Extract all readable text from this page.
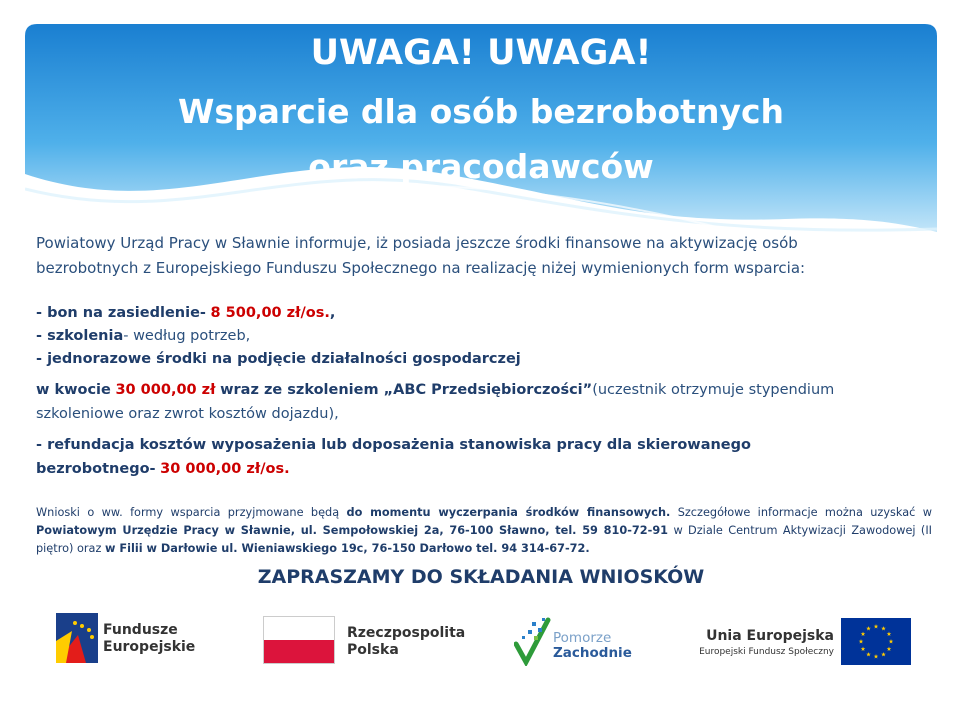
UWAGA! UWAGA!
Wsparcie dla osób bezrobotnych
oraz pracodawców

Powiatowy Urząd Pracy w Sławnie informuje, iż posiada jeszcze środki finansowe na aktywizację osób

bezrobotnych z Europejskiego Funduszu Społecznego na realizację niżej wymienionych form wsparcia:

- bon na zasiedlenie- 8 500,00 zł/os.,

- szkolenia- według potrzeb,

- jednorazowe środki na podjęcie działalności gospodarczej

w kwocie 30 000,00 zł wraz ze szkoleniem „ABC Przedsiębiorczości”(uczestnik otrzymuje stypendium

szkoleniowe oraz zwrot kosztów dojazdu),

- refundacja kosztów wyposażenia lub doposażenia stanowiska pracy dla skierowanego

bezrobotnego- 30 000,00 zł/os.

Wnioski o ww. formy wsparcia przyjmowane będą do momentu wyczerpania środków finansowych. Szczegółowe informacje można uzyskać w Powiatowym Urzędzie Pracy w Sławnie, ul. Sempołowskiej 2a, 76-100 Sławno, tel. 59 810-72-91 w Dziale Centrum Aktywizacji Zawodowej (II piętro) oraz w Filii w Darłowie ul. Wieniawskiego 19c, 76-150 Darłowo tel. 94 314-67-72.

ZAPRASZAMY DO SKŁADANIA WNIOSKÓW

Fundusze
Europejskie
Rzeczpospolita
Polska
Pomorze
Zachodnie
Unia Europejska
Europejski Fundusz Społeczny
